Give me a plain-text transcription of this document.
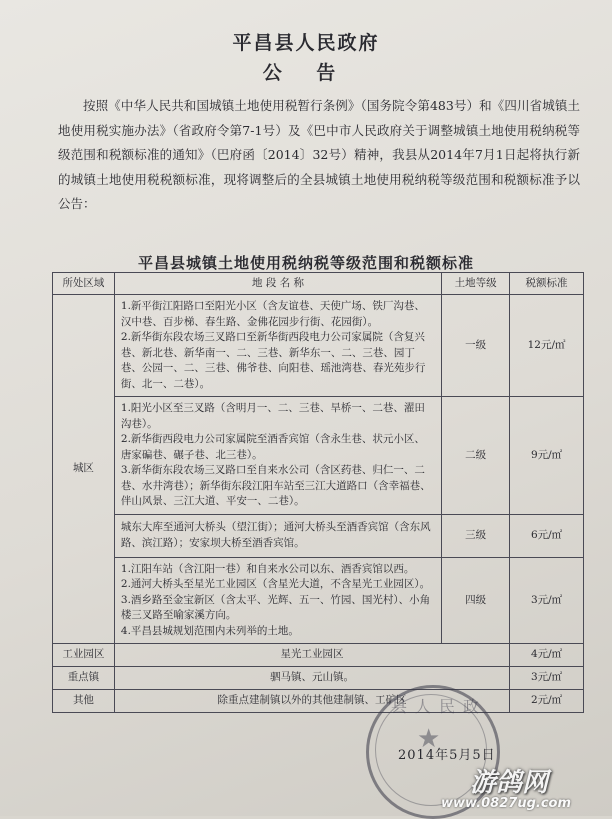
平昌县人民政府
公 告
按照《中华人民共和国城镇土地使用税暂行条例》（国务院令第483号）和《四川省城镇土地使用税实施办法》（省政府令第7-1号）及《巴中市人民政府关于调整城镇土地使用税纳税等级范围和税额标准的通知》（巴府函〔2014〕32号）精神，我县从2014年7月1日起将执行新的城镇土地使用税税额标准，现将调整后的全县城镇土地使用税纳税等级范围和税额标准予以公告：
平昌县城镇土地使用税纳税等级范围和税额标准
所处区域	地 段 名 称	土地等级	税额标准
城区	1.新平街江阳路口至阳光小区（含友谊巷、天使广场、铁厂沟巷、汉中巷、百步梯、春生路、金佛花园步行街、花园街）。
2.新华街东段农场三叉路口至新华街西段电力公司家属院（含复兴巷、新北巷、新华南一、二、三巷、新华东一、二、三巷、园丁巷、公园一、二、三巷、佛爷巷、向阳巷、瑶池湾巷、春光苑步行街、北一、二巷）。	一级	12元/㎡

	1.阳光小区至三叉路（含明月一、二、三巷、旱桥一、二巷、濯田沟巷）。
2.新华街西段电力公司家属院至酒香宾馆（含永生巷、状元小区、唐家碥巷、碾子巷、北三巷）。
3.新华街东段农场三叉路口至自来水公司（含区药巷、归仁一、二巷、水井湾巷）；新华街东段江阳车站至三江大道路口（含幸福巷、伴山风景、三江大道、平安一、二巷）。	二级	9元/㎡

	城东大库至通河大桥头（望江街）；通河大桥头至酒香宾馆（含东风路、滨江路）；安家坝大桥至酒香宾馆。	三级	6元/㎡

	1.江阳车站（含江阳一巷）和自来水公司以东、酒香宾馆以西。
2.通河大桥头至星光工业园区（含星光大道，不含星光工业园区）。
3.酒乡路至金宝新区（含太平、光辉、五一、竹园、国光村）、小角楼三叉路至喻家溪方向。
4.平昌县城规划范围内未列举的土地。	四级	3元/㎡
工业园区	星光工业园区		4元/㎡
重点镇	驷马镇、元山镇。		3元/㎡
其他	除重点建制镇以外的其他建制镇、工矿区		2元/㎡
县人民政
★
2014年5月5日
游鸽网
www.0827ug.com
